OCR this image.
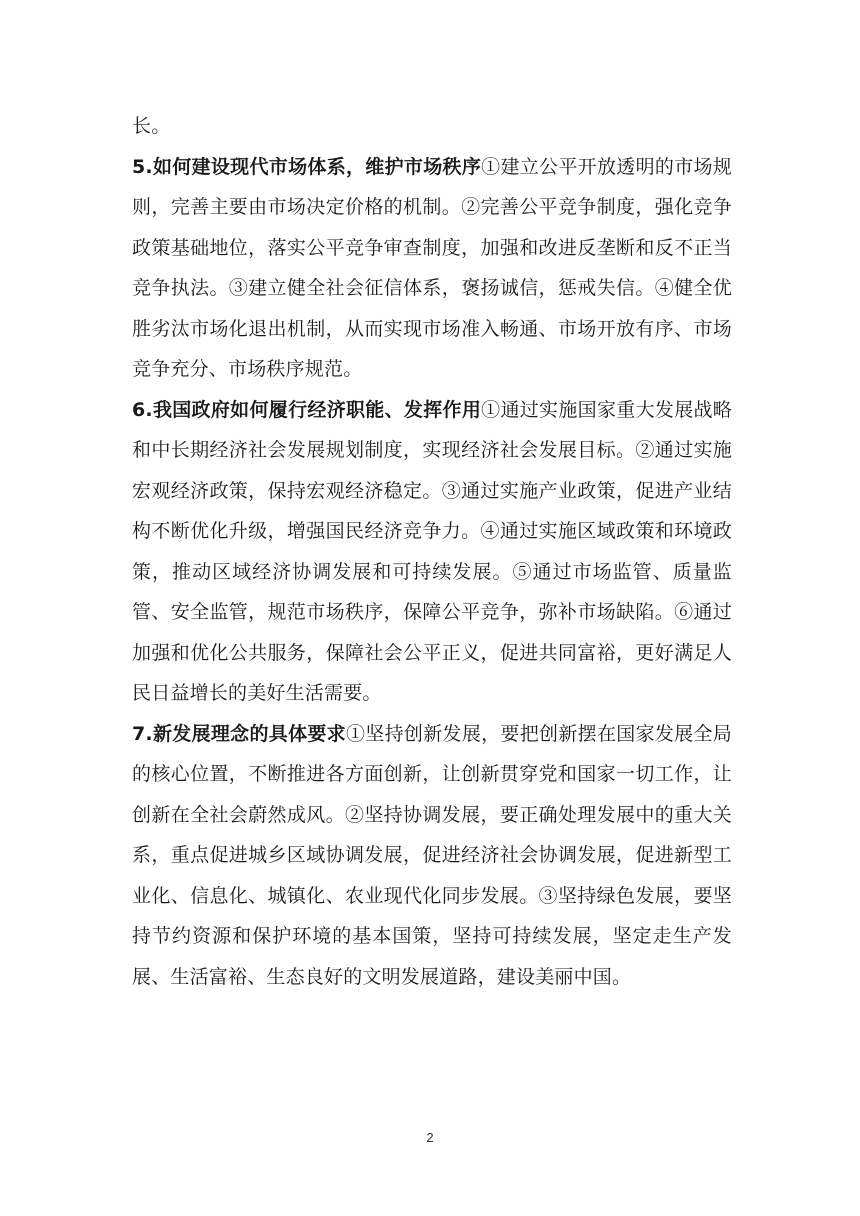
长。

5.如何建设现代市场体系，维护市场秩序①建立公平开放透明的市场规则，完善主要由市场决定价格的机制。②完善公平竞争制度，强化竞争政策基础地位，落实公平竞争审查制度，加强和改进反垄断和反不正当竞争执法。③建立健全社会征信体系，褒扬诚信，惩戒失信。④健全优胜劣汰市场化退出机制，从而实现市场准入畅通、市场开放有序、市场竞争充分、市场秩序规范。

6.我国政府如何履行经济职能、发挥作用①通过实施国家重大发展战略和中长期经济社会发展规划制度，实现经济社会发展目标。②通过实施宏观经济政策，保持宏观经济稳定。③通过实施产业政策，促进产业结构不断优化升级，增强国民经济竞争力。④通过实施区域政策和环境政策，推动区域经济协调发展和可持续发展。⑤通过市场监管、质量监管、安全监管，规范市场秩序，保障公平竞争，弥补市场缺陷。⑥通过加强和优化公共服务，保障社会公平正义，促进共同富裕，更好满足人民日益增长的美好生活需要。

7.新发展理念的具体要求①坚持创新发展，要把创新摆在国家发展全局的核心位置，不断推进各方面创新，让创新贯穿党和国家一切工作，让创新在全社会蔚然成风。②坚持协调发展，要正确处理发展中的重大关系，重点促进城乡区域协调发展，促进经济社会协调发展，促进新型工业化、信息化、城镇化、农业现代化同步发展。③坚持绿色发展，要坚持节约资源和保护环境的基本国策，坚持可持续发展，坚定走生产发展、生活富裕、生态良好的文明发展道路，建设美丽中国。

2
